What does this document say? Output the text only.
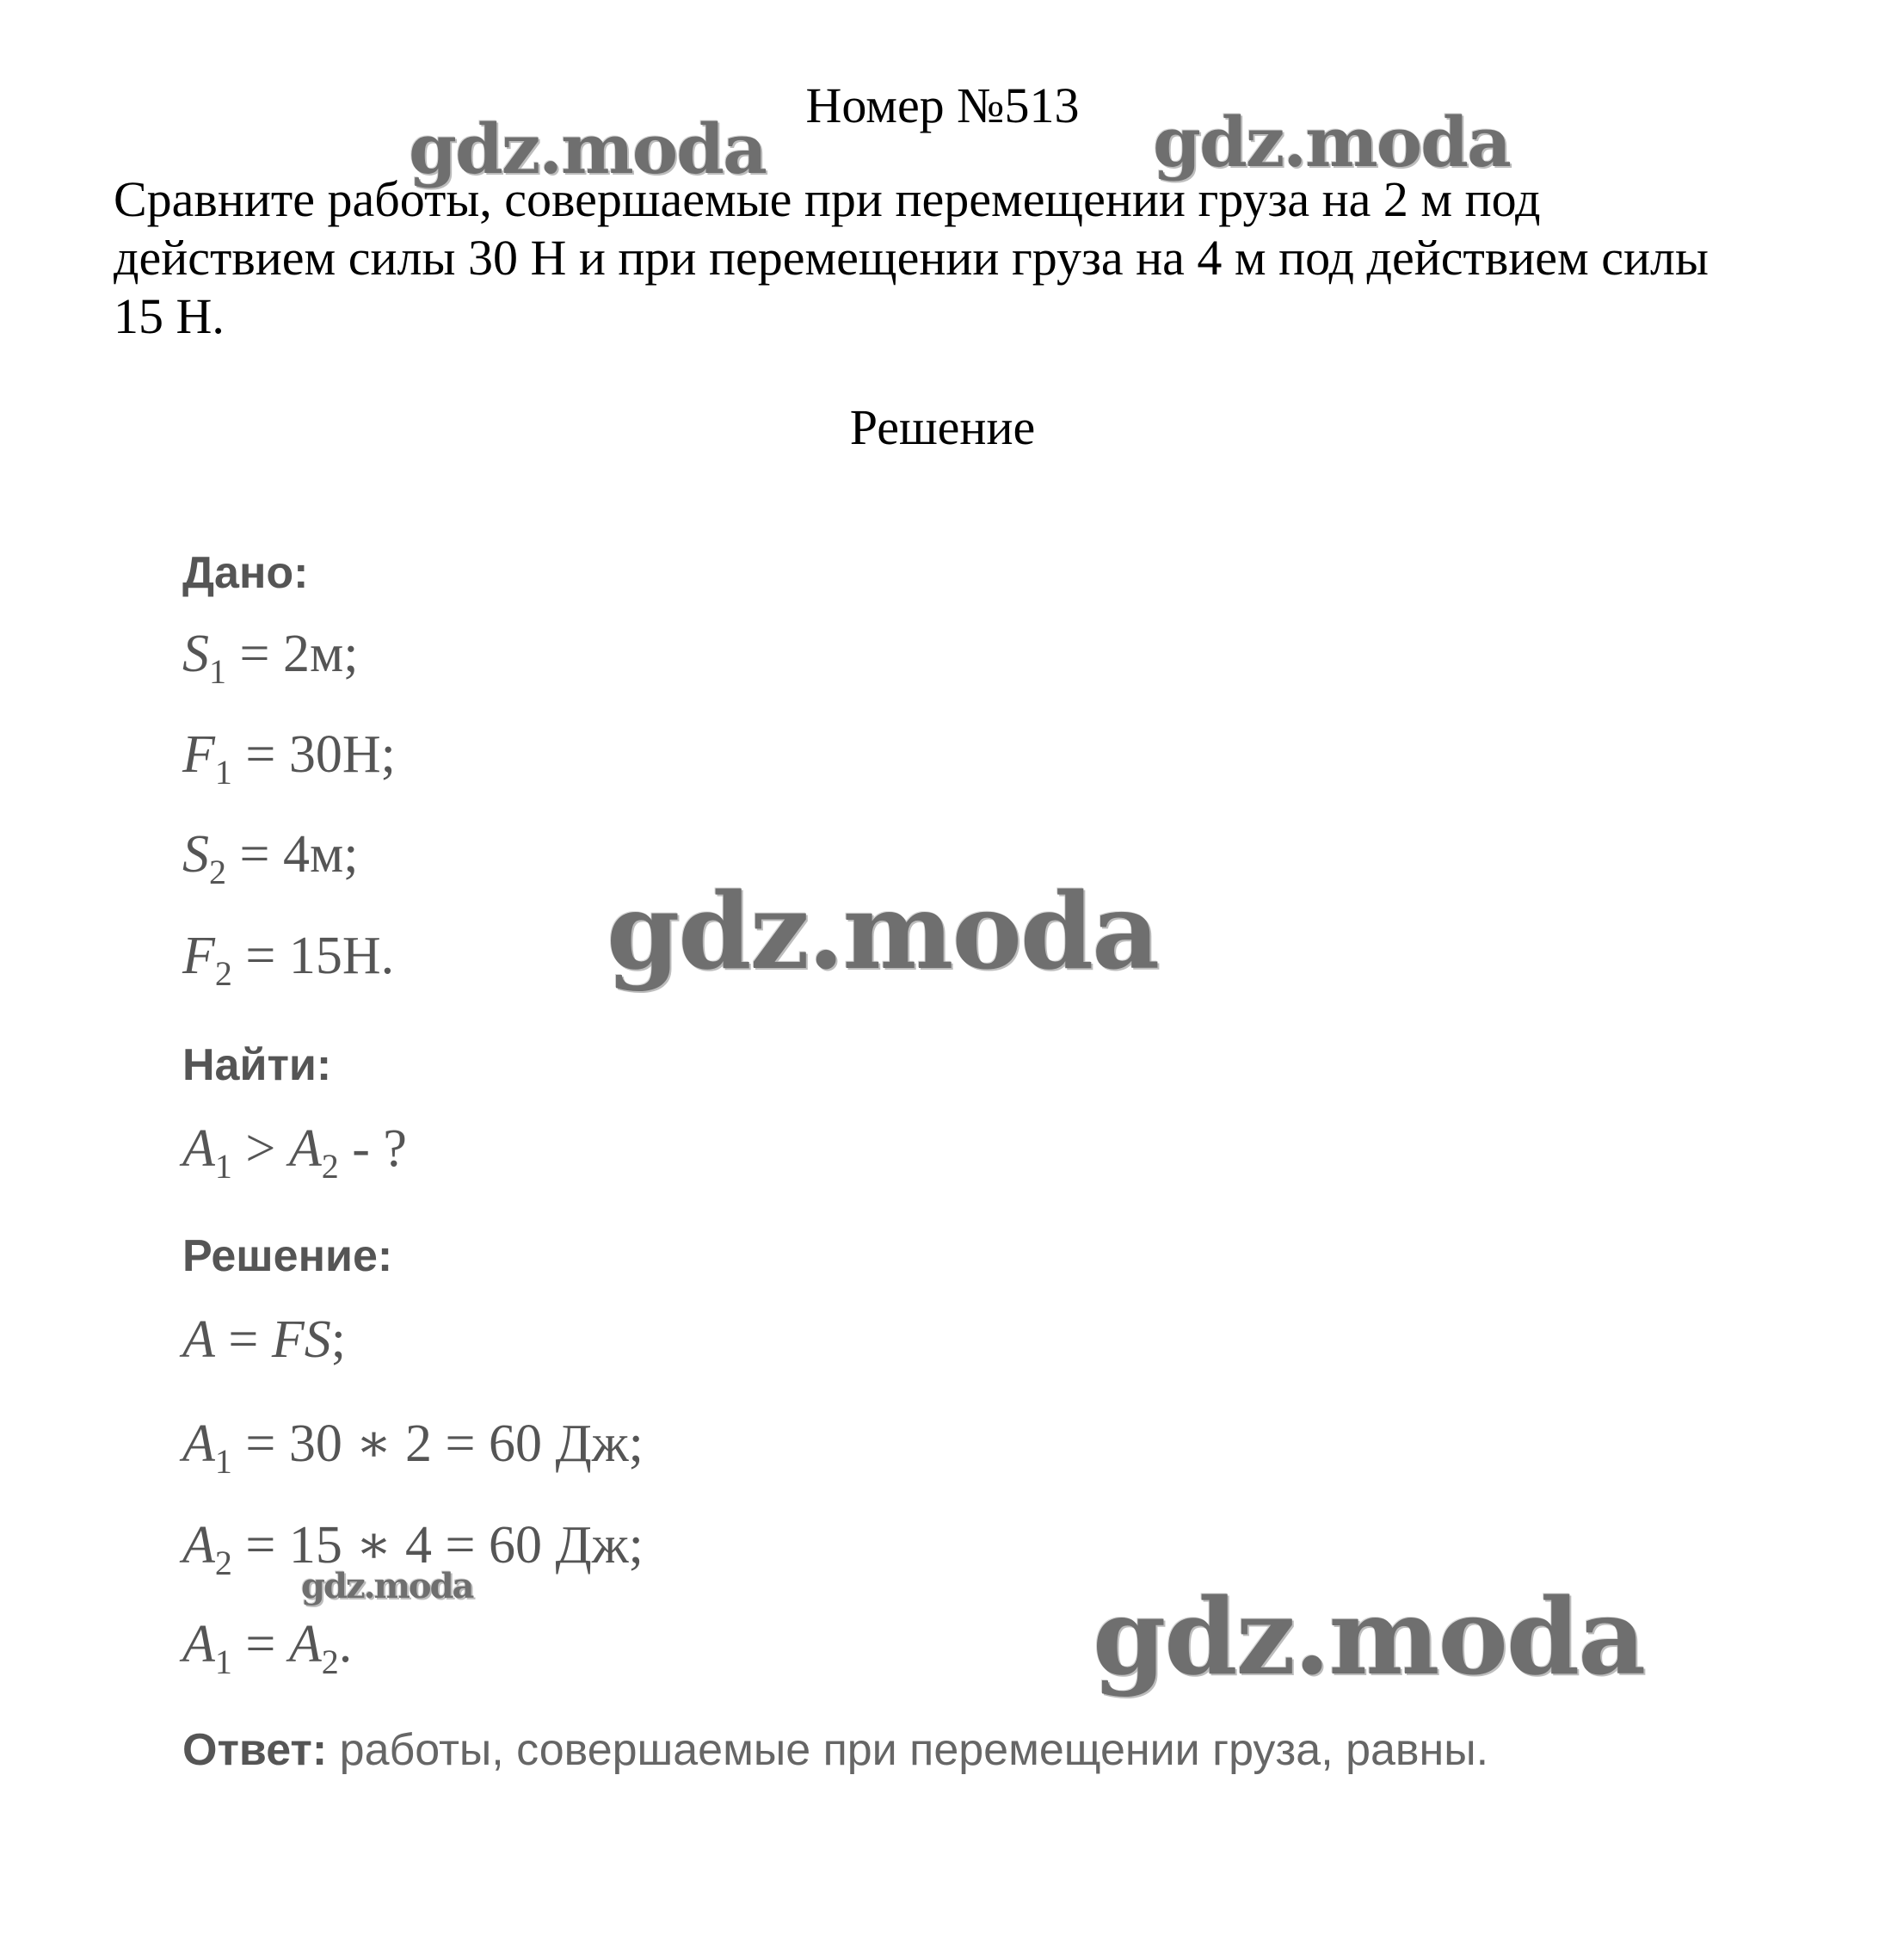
Номер №513
Сравните работы, совершаемые при перемещении груза на 2 м под действием силы 30 Н и при перемещении груза на 4 м под действием силы 15 Н.
Решение
Дано:
$S_1 = 2м$;
$F_1 = 30Н$;
$S_2 = 4м$;
$F_2 = 15Н$.
Найти:
$A_1 > A_2$ - ?
Решение:
A = FS;
$A_1 = 30$ ∗ 2 = 60 Дж;
$A_2 = 15$ ∗ 4 = 60 Дж;
$A_1 = A_2$.
Ответ: работы, совершаемые при перемещении груза, равны.
gdz.moda	gdz.moda
gdz.moda
gdz.moda	gdz.moda
